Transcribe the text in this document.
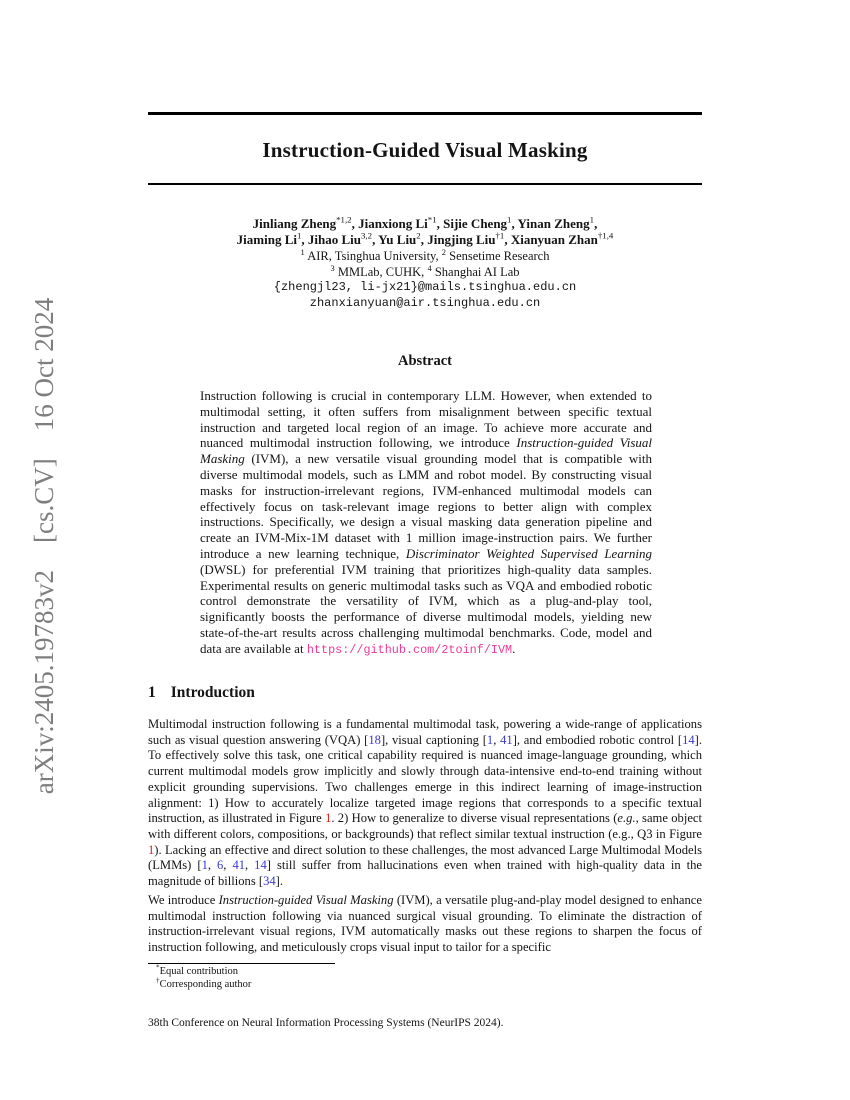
arXiv:2405.19783v2  [cs.CV]  16 Oct 2024
Instruction-Guided Visual Masking
Jinliang Zheng$^{*1,2}$, Jianxiong Li$^{*1}$, Sijie Cheng$^1$, Yinan Zheng$^1$,
Jiaming Li$^1$, Jihao Liu$^{3,2}$, Yu Liu$^2$, Jingjing Liu$^{\dagger 1}$, Xianyuan Zhan$^{\dagger 1,4}$
$^1$ AIR, Tsinghua University, $^2$ Sensetime Research
$^3$ MMLab, CUHK, $^4$ Shanghai AI Lab
{zhengjl23, li-jx21}@mails.tsinghua.edu.cn
zhanxianyuan@air.tsinghua.edu.cn
Abstract
Instruction following is crucial in contemporary LLM. However, when extended to multimodal setting, it often suffers from misalignment between specific textual instruction and targeted local region of an image. To achieve more accurate and nuanced multimodal instruction following, we introduce Instruction-guided Visual Masking (IVM), a new versatile visual grounding model that is compatible with diverse multimodal models, such as LMM and robot model. By constructing visual masks for instruction-irrelevant regions, IVM-enhanced multimodal models can effectively focus on task-relevant image regions to better align with complex instructions. Specifically, we design a visual masking data generation pipeline and create an IVM-Mix-1M dataset with 1 million image-instruction pairs. We further introduce a new learning technique, Discriminator Weighted Supervised Learning (DWSL) for preferential IVM training that prioritizes high-quality data samples. Experimental results on generic multimodal tasks such as VQA and embodied robotic control demonstrate the versatility of IVM, which as a plug-and-play tool, significantly boosts the performance of diverse multimodal models, yielding new state-of-the-art results across challenging multimodal benchmarks. Code, model and data are available at https://github.com/2toinf/IVM.
1 Introduction
Multimodal instruction following is a fundamental multimodal task, powering a wide-range of applications such as visual question answering (VQA) [18], visual captioning [1, 41], and embodied robotic control [14]. To effectively solve this task, one critical capability required is nuanced image-language grounding, which current multimodal models grow implicitly and slowly through data-intensive end-to-end training without explicit grounding supervisions. Two challenges emerge in this indirect learning of image-instruction alignment: 1) How to accurately localize targeted image regions that corresponds to a specific textual instruction, as illustrated in Figure 1. 2) How to generalize to diverse visual representations (e.g., same object with different colors, compositions, or backgrounds) that reflect similar textual instruction (e.g., Q3 in Figure 1). Lacking an effective and direct solution to these challenges, the most advanced Large Multimodal Models (LMMs) [1, 6, 41, 14] still suffer from hallucinations even when trained with high-quality data in the magnitude of billions [34].
We introduce Instruction-guided Visual Masking (IVM), a versatile plug-and-play model designed to enhance multimodal instruction following via nuanced surgical visual grounding. To eliminate the distraction of instruction-irrelevant visual regions, IVM automatically masks out these regions to sharpen the focus of instruction following, and meticulously crops visual input to tailor for a specific
*Equal contribution
†Corresponding author
38th Conference on Neural Information Processing Systems (NeurIPS 2024).
